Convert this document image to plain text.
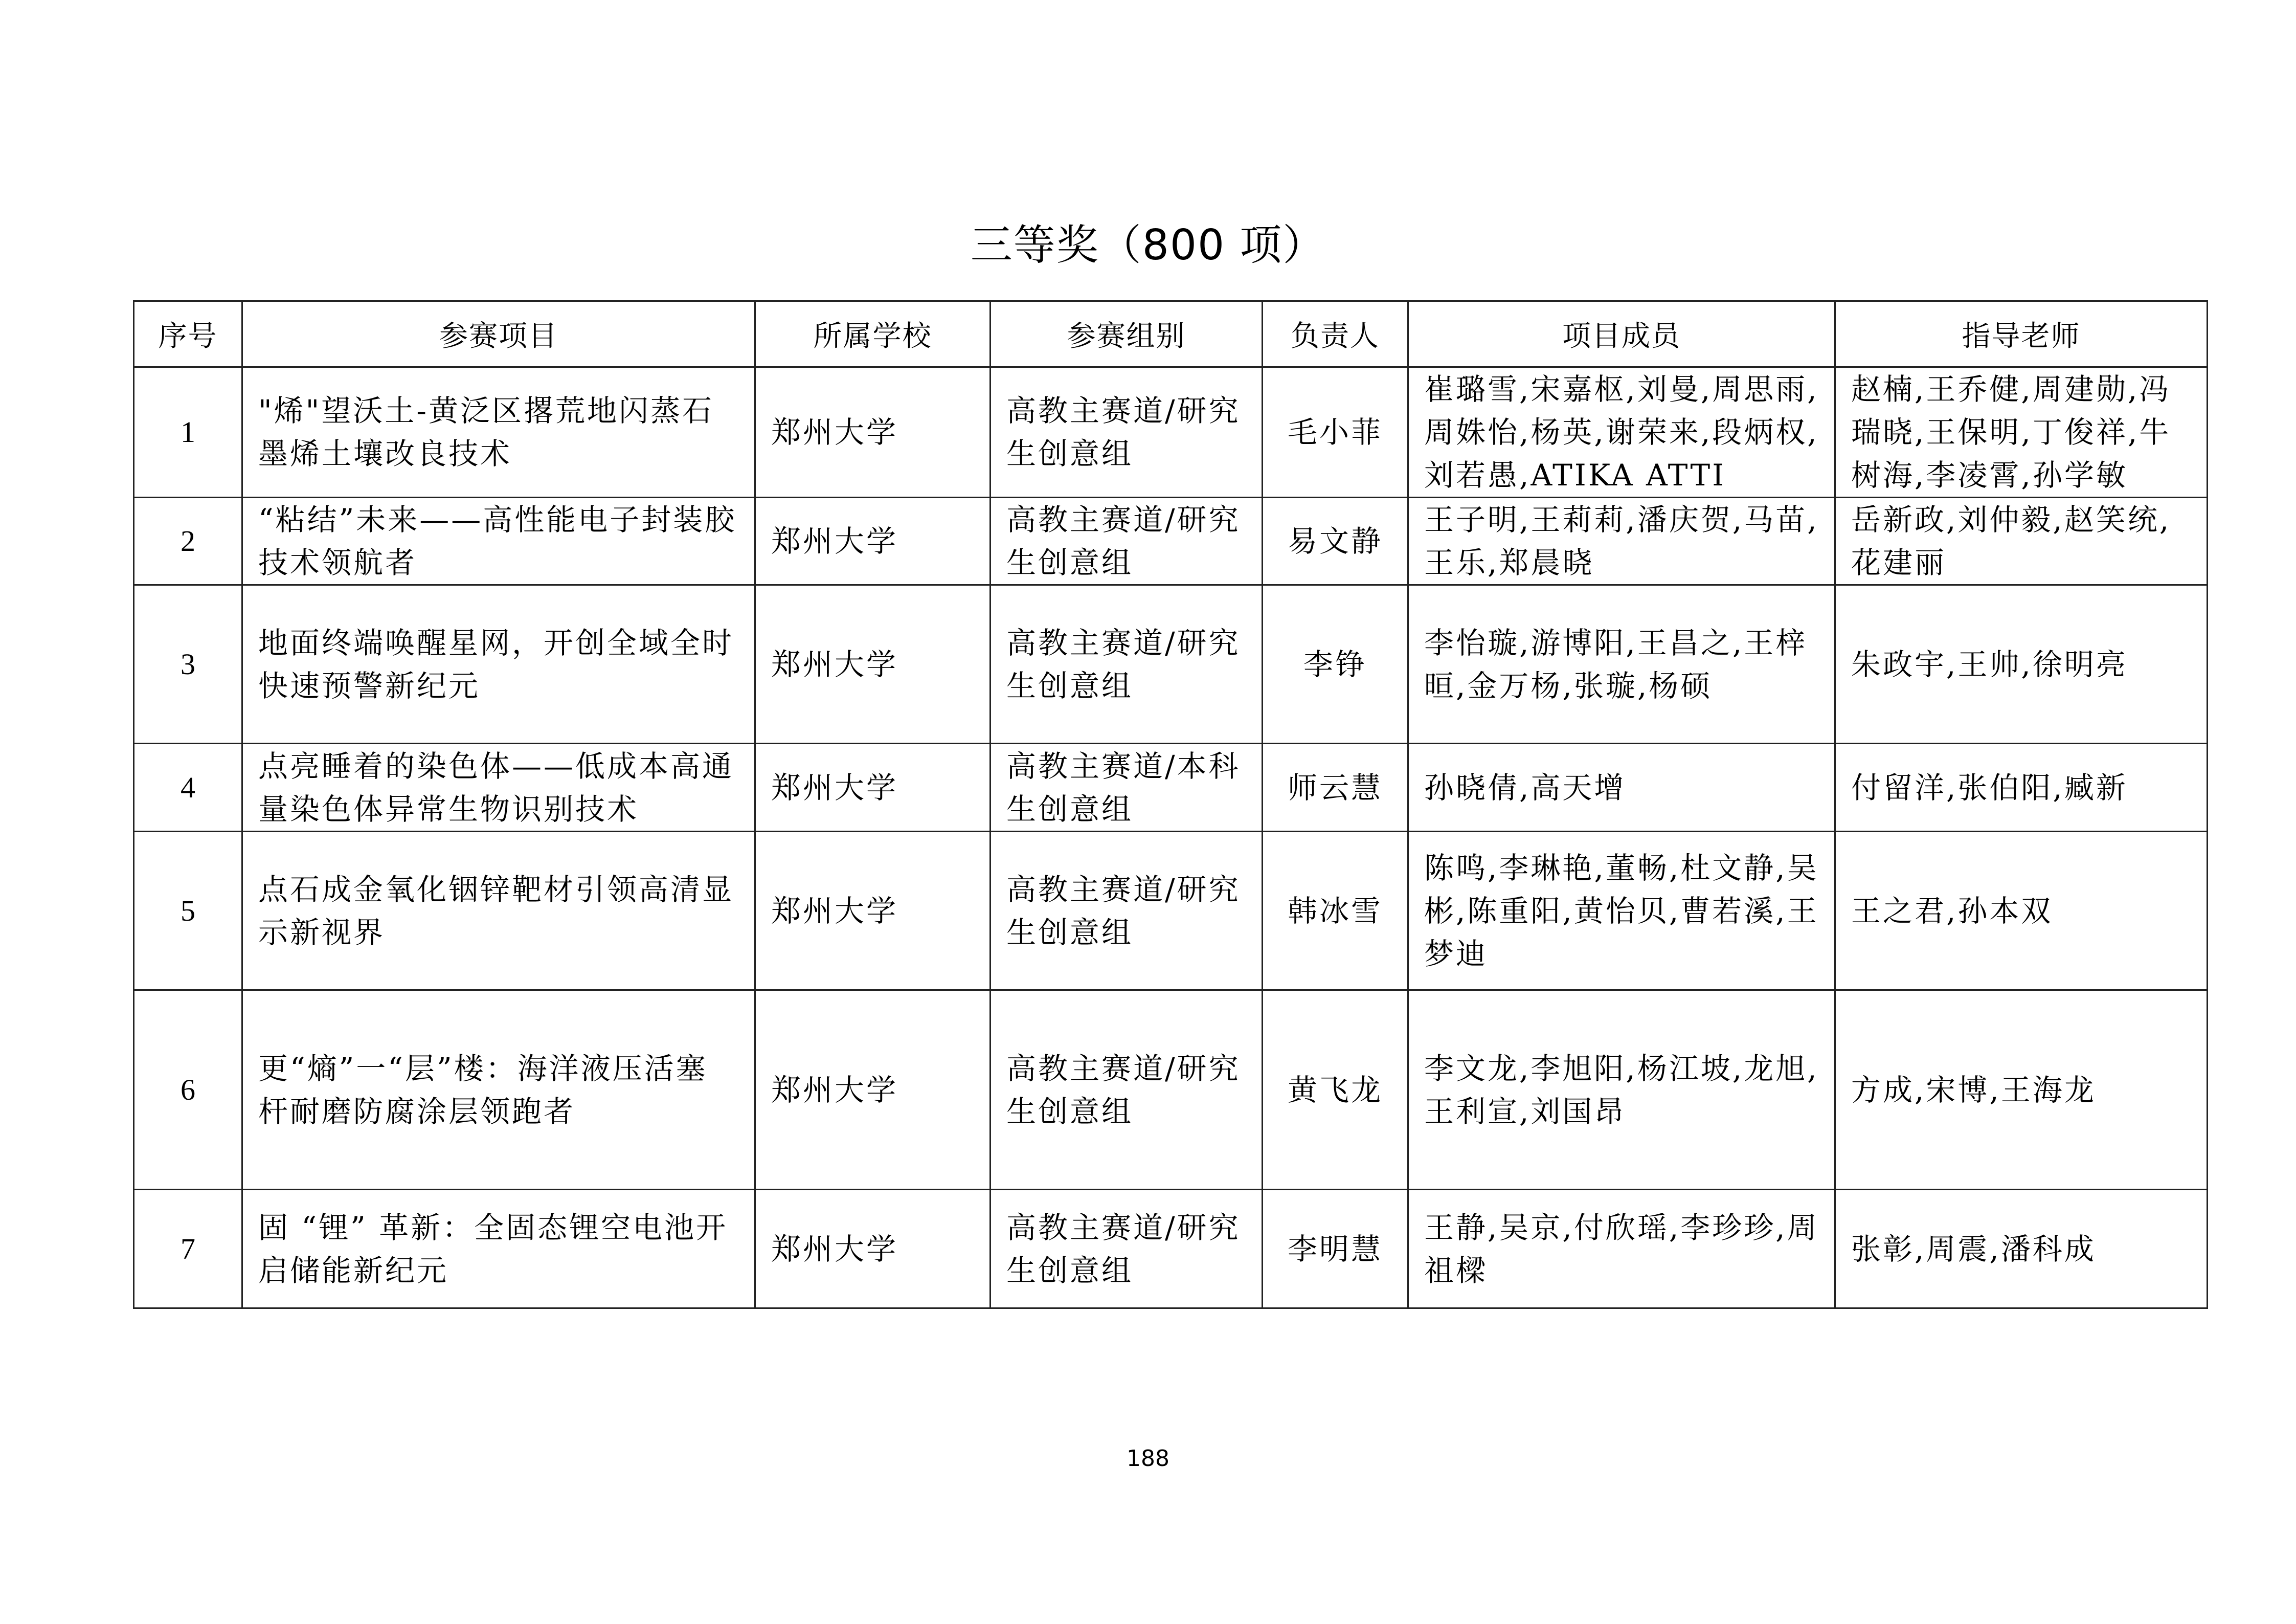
三等奖（800 项）
序号	参赛项目	所属学校	参赛组别	负责人	项目成员	指导老师
1	"烯"望沃土-黄泛区撂荒地闪蒸石墨烯土壤改良技术	郑州大学	高教主赛道/研究生创意组	毛小菲	崔璐雪,宋嘉枢,刘曼,周思雨,周姝怡,杨英,谢荣来,段炳权,刘若愚,ATIKA ATTI	赵楠,王乔健,周建勋,冯瑞晓,王保明,丁俊祥,牛树海,李凌霄,孙学敏
2	“粘结”未来——高性能电子封装胶技术领航者	郑州大学	高教主赛道/研究生创意组	易文静	王子明,王莉莉,潘庆贺,马苗,王乐,郑晨晓	岳新政,刘仲毅,赵笑统,花建丽
3	地面终端唤醒星网，开创全域全时快速预警新纪元	郑州大学	高教主赛道/研究生创意组	李铮	李怡璇,游博阳,王昌之,王梓晅,金万杨,张璇,杨硕	朱政宇,王帅,徐明亮
4	点亮睡着的染色体——低成本高通量染色体异常生物识别技术	郑州大学	高教主赛道/本科生创意组	师云慧	孙晓倩,高天增	付留洋,张伯阳,臧新
5	点石成金氧化铟锌靶材引领高清显示新视界	郑州大学	高教主赛道/研究生创意组	韩冰雪	陈鸣,李琳艳,董畅,杜文静,吴彬,陈重阳,黄怡贝,曹若溪,王梦迪	王之君,孙本双
6	更“熵”一“层”楼：海洋液压活塞杆耐磨防腐涂层领跑者	郑州大学	高教主赛道/研究生创意组	黄飞龙	李文龙,李旭阳,杨江坡,龙旭,王利宣,刘国昂	方成,宋博,王海龙
7	固 “锂” 革新：全固态锂空电池开启储能新纪元	郑州大学	高教主赛道/研究生创意组	李明慧	王静,吴京,付欣瑶,李珍珍,周祖樑	张彰,周震,潘科成
188
